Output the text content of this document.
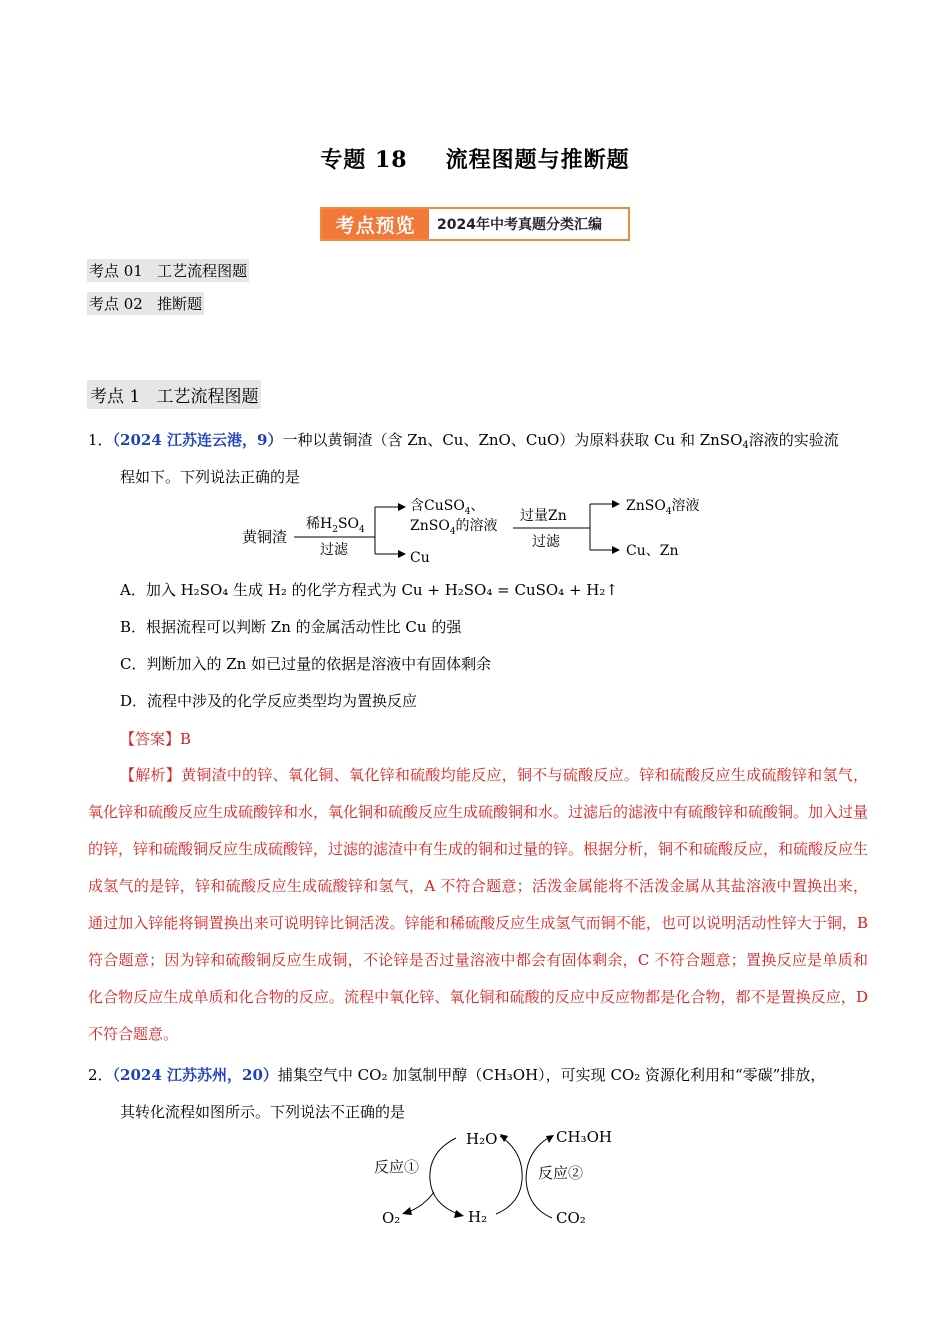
专题 18 流程图题与推断题
考点预览	2024年中考真题分类汇编
考点 01 工艺流程图题
考点 02 推断题
考点 1 工艺流程图题
1．（2024 江苏连云港，9）一种以黄铜渣（含 Zn、Cu、ZnO、CuO）为原料获取 Cu 和 ZnSO$_4$溶液的实验流
程如下。下列说法正确的是
黄铜渣
稀$H_2SO_4$
过滤
含CuSO$_4$、
ZnSO$_4$的溶液
Cu
过量Zn
过滤
ZnSO$_4$溶液
Cu、Zn
A．加入 H₂SO₄ 生成 H₂ 的化学方程式为 Cu + H₂SO₄ = CuSO₄ + H₂↑
B．根据流程可以判断 Zn 的金属活动性比 Cu 的强
C．判断加入的 Zn 如已过量的依据是溶液中有固体剩余
D．流程中涉及的化学反应类型均为置换反应
【答案】B
【解析】黄铜渣中的锌、氧化铜、氧化锌和硫酸均能反应，铜不与硫酸反应。锌和硫酸反应生成硫酸锌和氢气，氧化锌和硫酸反应生成硫酸锌和水，氧化铜和硫酸反应生成硫酸铜和水。过滤后的滤液中有硫酸锌和硫酸铜。加入过量的锌，锌和硫酸铜反应生成硫酸锌，过滤的滤渣中有生成的铜和过量的锌。根据分析，铜不和硫酸反应，和硫酸反应生成氢气的是锌，锌和硫酸反应生成硫酸锌和氢气，A 不符合题意；活泼金属能将不活泼金属从其盐溶液中置换出来，通过加入锌能将铜置换出来可说明锌比铜活泼。锌能和稀硫酸反应生成氢气而铜不能，也可以说明活动性锌大于铜，B 符合题意；因为锌和硫酸铜反应生成铜，不论锌是否过量溶液中都会有固体剩余，C 不符合题意；置换反应是单质和化合物反应生成单质和化合物的反应。流程中氧化锌、氧化铜和硫酸的反应中反应物都是化合物，都不是置换反应，D 不符合题意。
2．（2024 江苏苏州，20）捕集空气中 CO₂ 加氢制甲醇（CH₃OH），可实现 CO₂ 资源化利用和“零碳”排放，
其转化流程如图所示。下列说法不正确的是
H₂O
反应①
O₂	H₂
CH₃OH
反应②
CO₂
